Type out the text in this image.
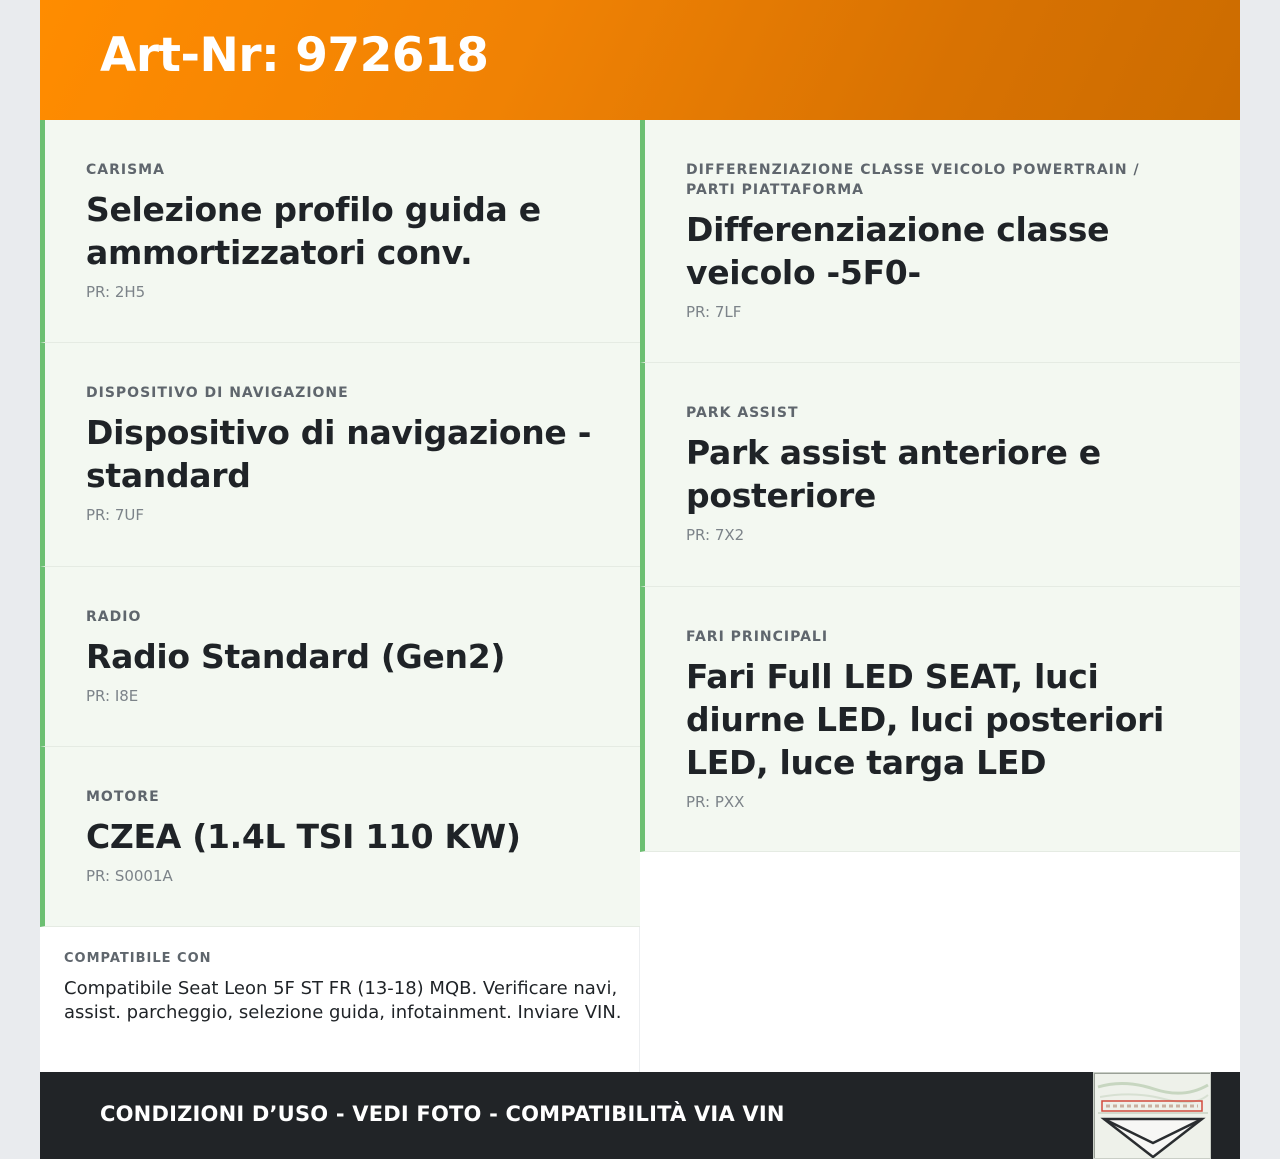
Art-Nr: 972618
CARISMA
Selezione profilo guida e ammortizzatori conv.
PR: 2H5
DISPOSITIVO DI NAVIGAZIONE
Dispositivo di navigazione - standard
PR: 7UF
RADIO
Radio Standard (Gen2)
PR: I8E
MOTORE
CZEA (1.4L TSI 110 KW)
PR: S0001A
DIFFERENZIAZIONE CLASSE VEICOLO POWERTRAIN / PARTI PIATTAFORMA
Differenziazione classe veicolo -5F0-
PR: 7LF
PARK ASSIST
Park assist anteriore e posteriore
PR: 7X2
FARI PRINCIPALI
Fari Full LED SEAT, luci diurne LED, luci posteriori LED, luce targa LED
PR: PXX
COMPATIBILE CON
Compatibile Seat Leon 5F ST FR (13-18) MQB. Verificare navi, assist. parcheggio, selezione guida, infotainment. Inviare VIN.
CONDIZIONI D’USO - VEDI FOTO - COMPATIBILITÀ VIA VIN
